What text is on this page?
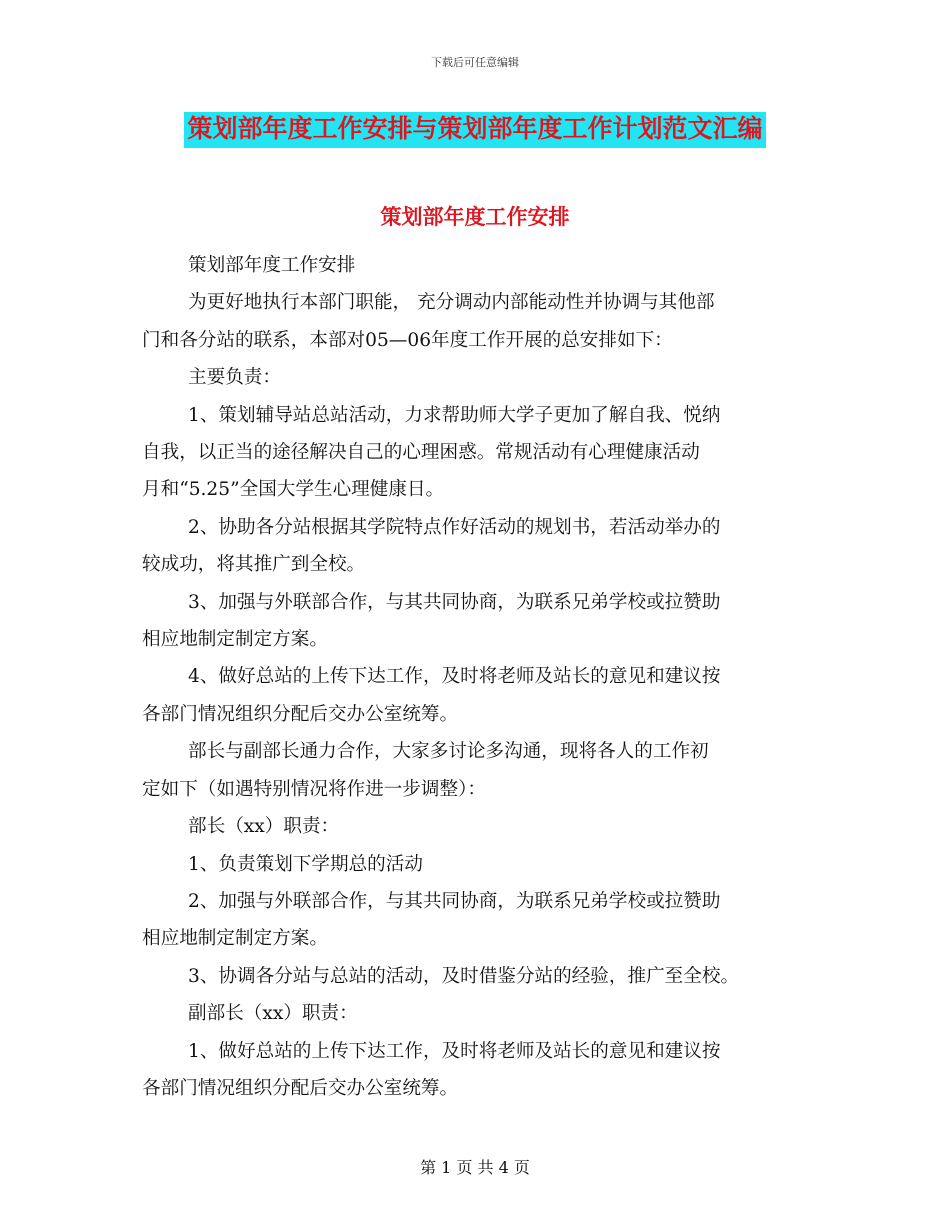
下载后可任意编辑
策划部年度工作安排与策划部年度工作计划范文汇编
策划部年度工作安排

策划部年度工作安排

为更好地执行本部门职能， 充分调动内部能动性并协调与其他部

门和各分站的联系，本部对05—06年度工作开展的总安排如下：

主要负责：

1、策划辅导站总站活动，力求帮助师大学子更加了解自我、悦纳

自我，以正当的途径解决自己的心理困惑。常规活动有心理健康活动

月和“5.25”全国大学生心理健康日。

2、协助各分站根据其学院特点作好活动的规划书，若活动举办的

较成功，将其推广到全校。

3、加强与外联部合作，与其共同协商，为联系兄弟学校或拉赞助

相应地制定制定方案。

4、做好总站的上传下达工作，及时将老师及站长的意见和建议按

各部门情况组织分配后交办公室统筹。

部长与副部长通力合作，大家多讨论多沟通，现将各人的工作初

定如下（如遇特别情况将作进一步调整）：

部长（xx）职责：

1、负责策划下学期总的活动

2、加强与外联部合作，与其共同协商，为联系兄弟学校或拉赞助

相应地制定制定方案。

3、协调各分站与总站的活动，及时借鉴分站的经验，推广至全校。

副部长（xx）职责：

1、做好总站的上传下达工作，及时将老师及站长的意见和建议按

各部门情况组织分配后交办公室统筹。

第 1 页 共 4 页
